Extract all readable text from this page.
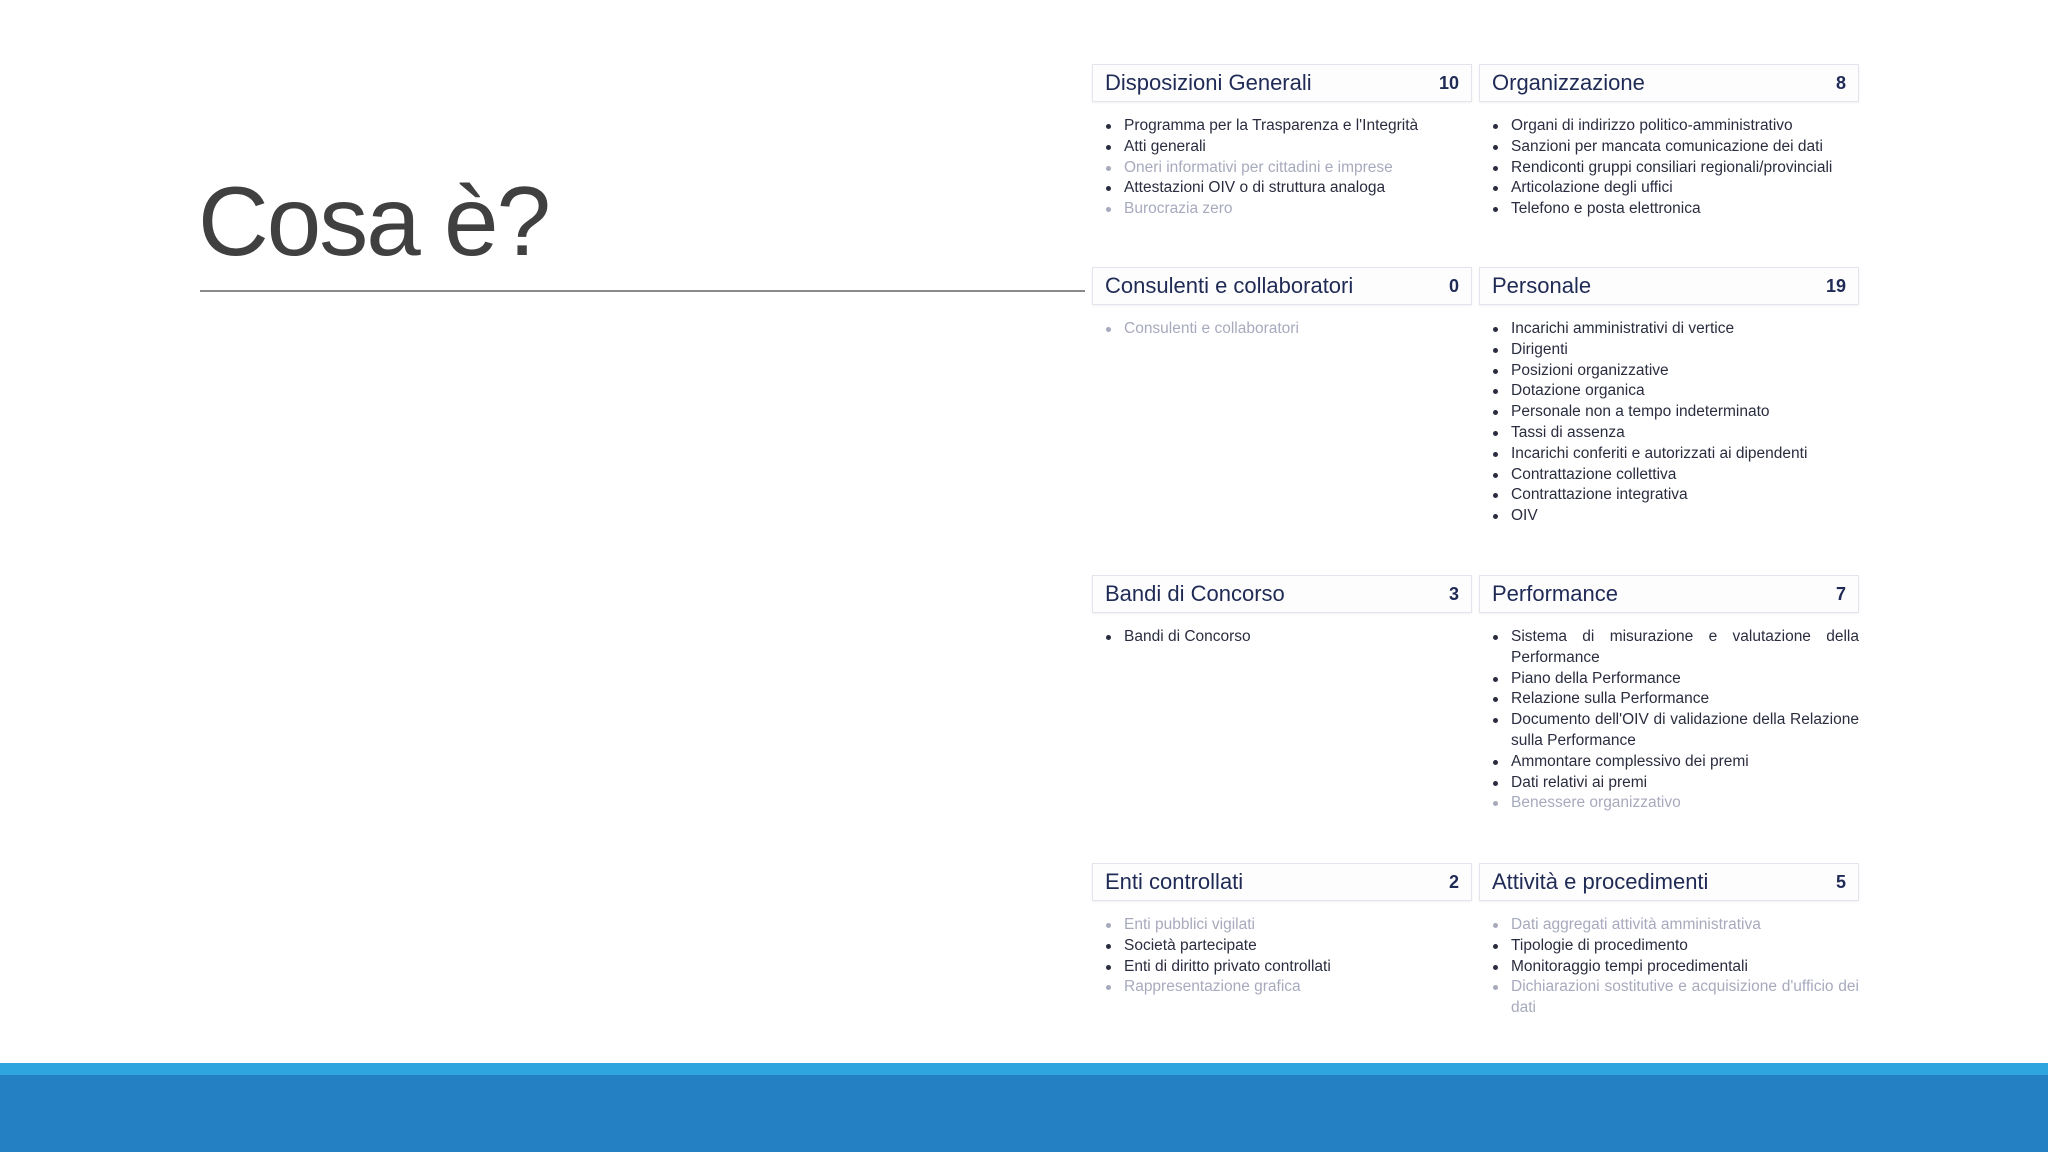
Cosa è?
Disposizioni Generali	10
Programma per la Trasparenza e l'Integrità
Atti generali
Oneri informativi per cittadini e imprese
Attestazioni OIV o di struttura analoga
Burocrazia zero
Organizzazione	8
Organi di indirizzo politico-amministrativo
Sanzioni per mancata comunicazione dei dati
Rendiconti gruppi consiliari regionali/provinciali
Articolazione degli uffici
Telefono e posta elettronica
Consulenti e collaboratori	0
Consulenti e collaboratori
Personale	19
Incarichi amministrativi di vertice
Dirigenti
Posizioni organizzative
Dotazione organica
Personale non a tempo indeterminato
Tassi di assenza
Incarichi conferiti e autorizzati ai dipendenti
Contrattazione collettiva
Contrattazione integrativa
OIV
Bandi di Concorso	3
Bandi di Concorso
Performance	7
Sistema di misurazione e valutazione della Performance
Piano della Performance
Relazione sulla Performance
Documento dell'OIV di validazione della Relazione sulla Performance
Ammontare complessivo dei premi
Dati relativi ai premi
Benessere organizzativo
Enti controllati	2
Enti pubblici vigilati
Società partecipate
Enti di diritto privato controllati
Rappresentazione grafica
Attività e procedimenti	5
Dati aggregati attività amministrativa
Tipologie di procedimento
Monitoraggio tempi procedimentali
Dichiarazioni sostitutive e acquisizione d'ufficio dei dati
